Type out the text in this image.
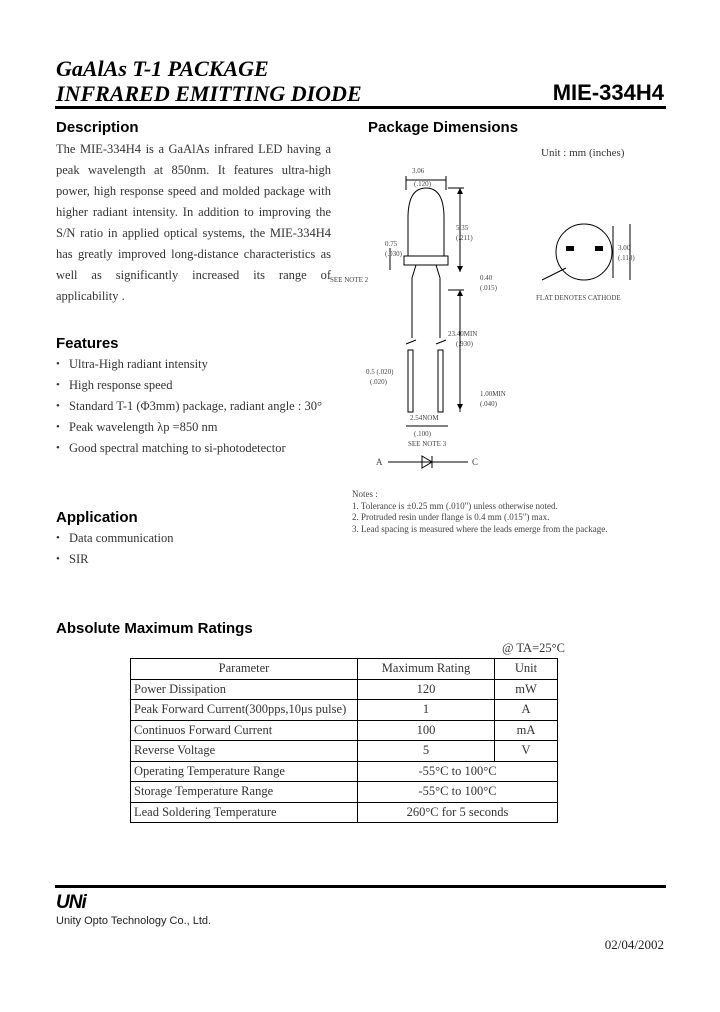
GaAlAs T-1 PACKAGE
INFRARED EMITTING DIODE	MIE-334H4
Description
The MIE-334H4 is a GaAlAs infrared LED having a peak wavelength at 850nm. It features ultra-high power, high response speed and molded package with higher radiant intensity. In addition to improving the S/N ratio in applied optical systems, the MIE-334H4 has greatly improved long-distance characteristics as well as significantly increased its range of applicability .
Package Dimensions
Unit : mm (inches)
3.06
(.120)
5.35
(.211)
0.75
(.030)
SEE NOTE 2	0.40
(.015)
23.40MIN
(.930)
0.5 (.020)
(.020)
1.00MIN
(.040)
2.54NOM
(.100)
SEE NOTE 3
3.00
(.118)
FLAT DENOTES CATHODE
A	C
Notes :
1. Tolerance is ±0.25 mm (.010") unless otherwise noted.
2. Protruded resin under flange is 0.4 mm (.015") max.
3. Lead spacing is measured where the leads emerge from the package.
Features
• Ultra-High radiant intensity
• High response speed
• Standard T-1 (Φ3mm) package, radiant angle : 30°
• Peak wavelength λp =850 nm
• Good spectral matching to si-photodetector
Application
• Data communication
• SIR
Absolute Maximum Ratings
@ TA=25°C
Parameter	Maximum Rating	Unit
Power Dissipation	120	mW
Peak Forward Current(300pps,10μs pulse)	1	A
Continuos Forward Current	100	mA
Reverse Voltage	5	V
Operating Temperature Range	-55°C to 100°C	
Storage Temperature Range	-55°C to 100°C	
Lead Soldering Temperature	260°C for 5 seconds	
UNi
Unity Opto Technology Co., Ltd.
02/04/2002
